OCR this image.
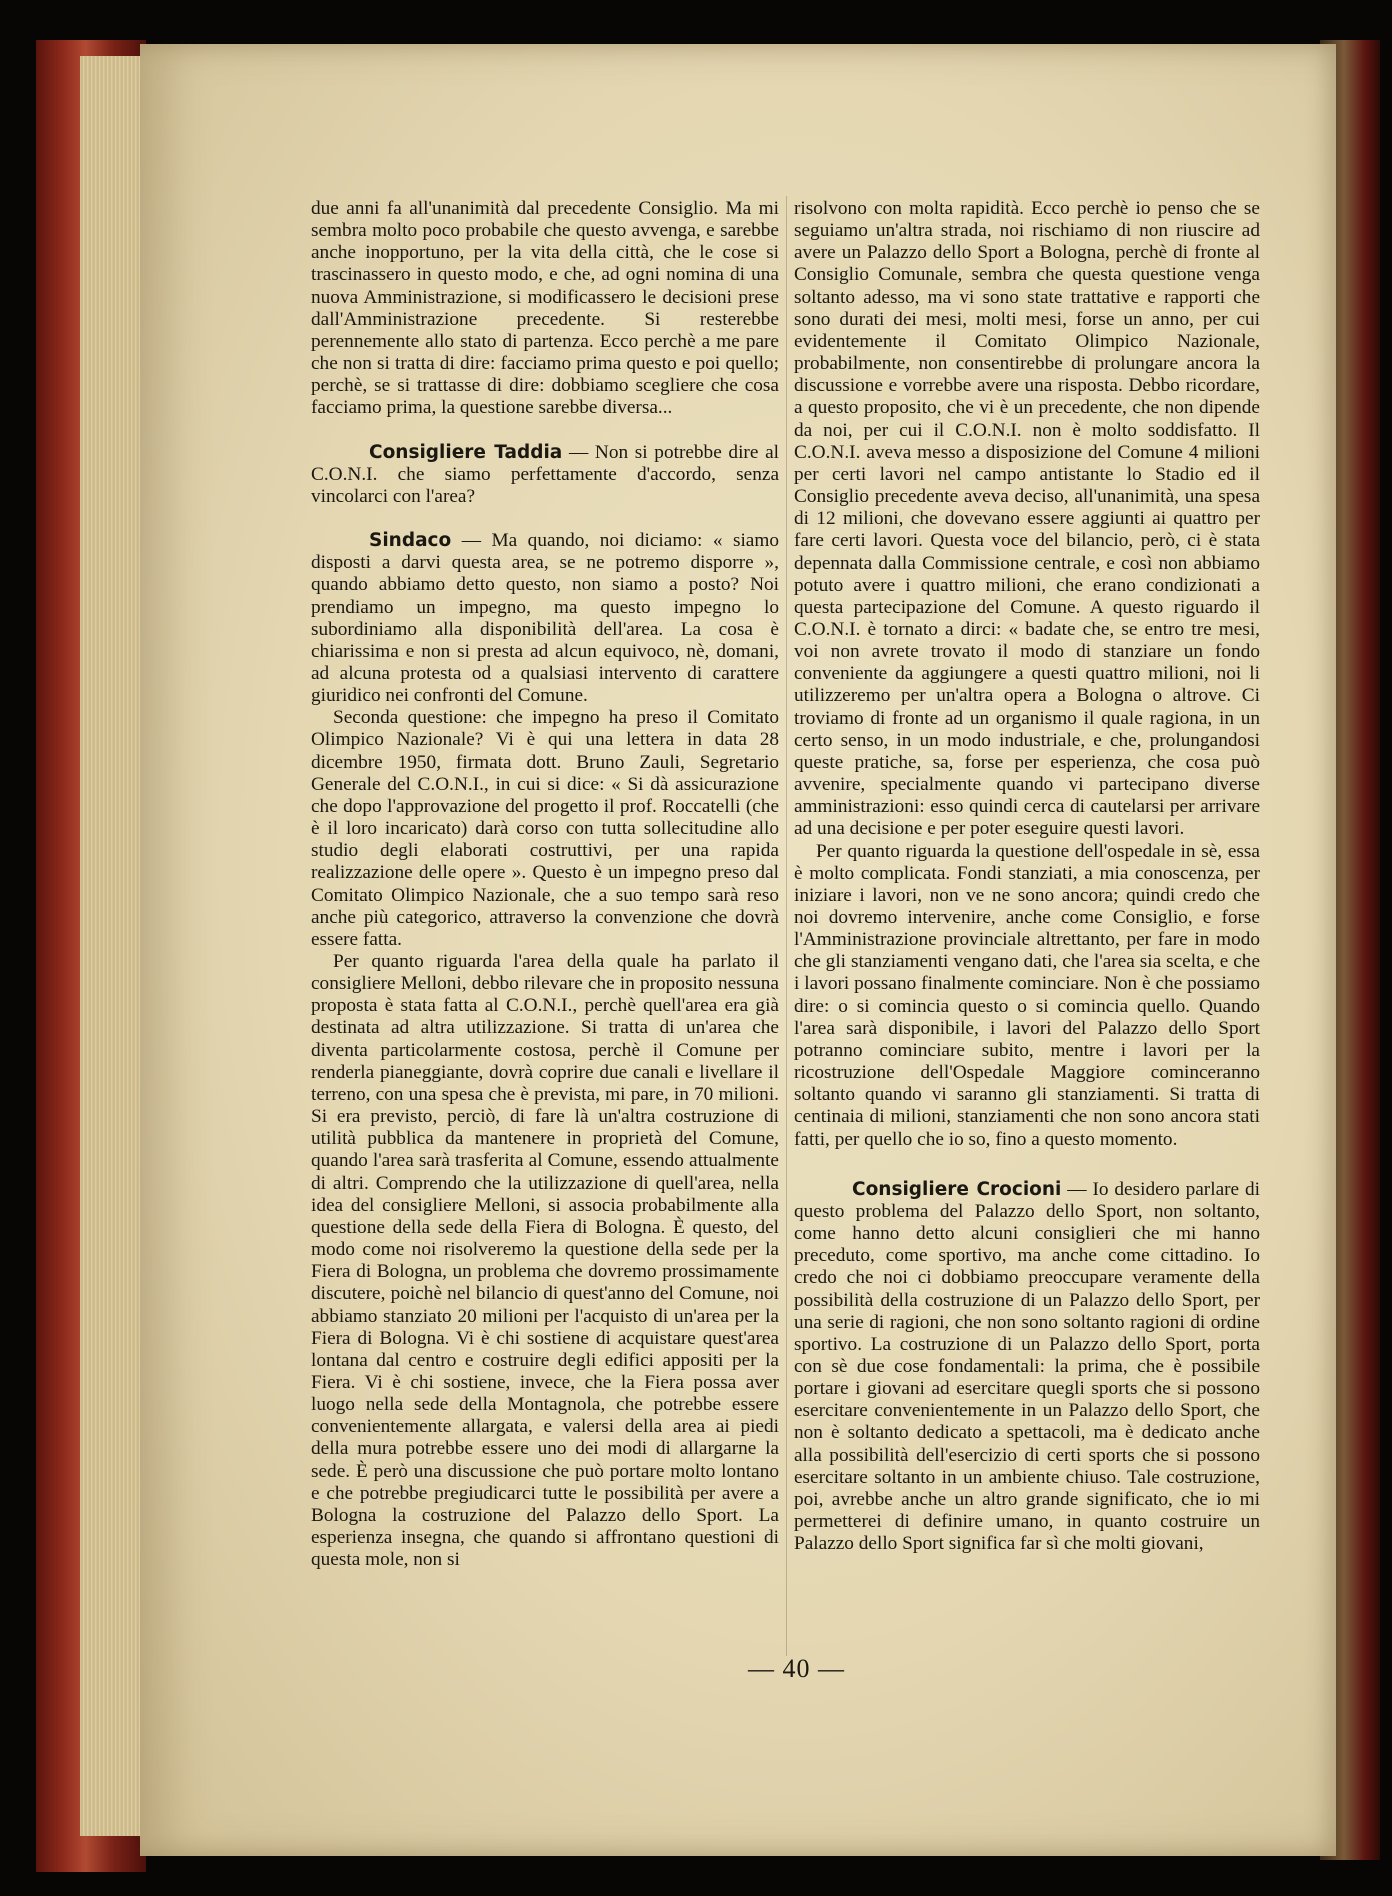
due anni fa all'unanimità dal precedente Consiglio. Ma mi sembra molto poco probabile che questo avvenga, e sarebbe anche inopportuno, per la vita della città, che le cose si trascinassero in questo modo, e che, ad ogni nomina di una nuova Amministrazione, si modificassero le decisioni prese dall'Amministrazione precedente. Si resterebbe perennemente allo stato di partenza. Ecco perchè a me pare che non si tratta di dire: facciamo prima questo e poi quello; perchè, se si trattasse di dire: dobbiamo scegliere che cosa facciamo prima, la questione sarebbe diversa...

Consigliere Taddia — Non si potrebbe dire al C.O.N.I. che siamo perfettamente d'accordo, senza vincolarci con l'area?

Sindaco — Ma quando, noi diciamo: « siamo disposti a darvi questa area, se ne potremo disporre », quando abbiamo detto questo, non siamo a posto? Noi prendiamo un impegno, ma questo impegno lo subordiniamo alla disponibilità dell'area. La cosa è chiarissima e non si presta ad alcun equivoco, nè, domani, ad alcuna protesta od a qualsiasi intervento di carattere giuridico nei confronti del Comune.

Seconda questione: che impegno ha preso il Comitato Olimpico Nazionale? Vi è qui una lettera in data 28 dicembre 1950, firmata dott. Bruno Zauli, Segretario Generale del C.O.N.I., in cui si dice: « Si dà assicurazione che dopo l'approvazione del progetto il prof. Roccatelli (che è il loro incaricato) darà corso con tutta sollecitudine allo studio degli elaborati costruttivi, per una rapida realizzazione delle opere ». Questo è un impegno preso dal Comitato Olimpico Nazionale, che a suo tempo sarà reso anche più categorico, attraverso la convenzione che dovrà essere fatta.

Per quanto riguarda l'area della quale ha parlato il consigliere Melloni, debbo rilevare che in proposito nessuna proposta è stata fatta al C.O.N.I., perchè quell'area era già destinata ad altra utilizzazione. Si tratta di un'area che diventa particolarmente costosa, perchè il Comune per renderla pianeggiante, dovrà coprire due canali e livellare il terreno, con una spesa che è prevista, mi pare, in 70 milioni. Si era previsto, perciò, di fare là un'altra costruzione di utilità pubblica da mantenere in proprietà del Comune, quando l'area sarà trasferita al Comune, essendo attualmente di altri. Comprendo che la utilizzazione di quell'area, nella idea del consigliere Melloni, si associa probabilmente alla questione della sede della Fiera di Bologna. È questo, del modo come noi risolveremo la questione della sede per la Fiera di Bologna, un problema che dovremo prossimamente discutere, poichè nel bilancio di quest'anno del Comune, noi abbiamo stanziato 20 milioni per l'acquisto di un'area per la Fiera di Bologna. Vi è chi sostiene di acquistare quest'area lontana dal centro e costruire degli edifici appositi per la Fiera. Vi è chi sostiene, invece, che la Fiera possa aver luogo nella sede della Montagnola, che potrebbe essere convenientemente allargata, e valersi della area ai piedi della mura potrebbe essere uno dei modi di allargarne la sede. È però una discussione che può portare molto lontano e che potrebbe pregiudicarci tutte le possibilità per avere a Bologna la costruzione del Palazzo dello Sport. La esperienza insegna, che quando si affrontano questioni di questa mole, non si

risolvono con molta rapidità. Ecco perchè io penso che se seguiamo un'altra strada, noi rischiamo di non riuscire ad avere un Palazzo dello Sport a Bologna, perchè di fronte al Consiglio Comunale, sembra che questa questione venga soltanto adesso, ma vi sono state trattative e rapporti che sono durati dei mesi, molti mesi, forse un anno, per cui evidentemente il Comitato Olimpico Nazionale, probabilmente, non consentirebbe di prolungare ancora la discussione e vorrebbe avere una risposta. Debbo ricordare, a questo proposito, che vi è un precedente, che non dipende da noi, per cui il C.O.N.I. non è molto soddisfatto. Il C.O.N.I. aveva messo a disposizione del Comune 4 milioni per certi lavori nel campo antistante lo Stadio ed il Consiglio precedente aveva deciso, all'unanimità, una spesa di 12 milioni, che dovevano essere aggiunti ai quattro per fare certi lavori. Questa voce del bilancio, però, ci è stata depennata dalla Commissione centrale, e così non abbiamo potuto avere i quattro milioni, che erano condizionati a questa partecipazione del Comune. A questo riguardo il C.O.N.I. è tornato a dirci: « badate che, se entro tre mesi, voi non avrete trovato il modo di stanziare un fondo conveniente da aggiungere a questi quattro milioni, noi li utilizzeremo per un'altra opera a Bologna o altrove. Ci troviamo di fronte ad un organismo il quale ragiona, in un certo senso, in un modo industriale, e che, prolungandosi queste pratiche, sa, forse per esperienza, che cosa può avvenire, specialmente quando vi partecipano diverse amministrazioni: esso quindi cerca di cautelarsi per arrivare ad una decisione e per poter eseguire questi lavori.

Per quanto riguarda la questione dell'ospedale in sè, essa è molto complicata. Fondi stanziati, a mia conoscenza, per iniziare i lavori, non ve ne sono ancora; quindi credo che noi dovremo intervenire, anche come Consiglio, e forse l'Amministrazione provinciale altrettanto, per fare in modo che gli stanziamenti vengano dati, che l'area sia scelta, e che i lavori possano finalmente cominciare. Non è che possiamo dire: o si comincia questo o si comincia quello. Quando l'area sarà disponibile, i lavori del Palazzo dello Sport potranno cominciare subito, mentre i lavori per la ricostruzione dell'Ospedale Maggiore cominceranno soltanto quando vi saranno gli stanziamenti. Si tratta di centinaia di milioni, stanziamenti che non sono ancora stati fatti, per quello che io so, fino a questo momento.

Consigliere Crocioni — Io desidero parlare di questo problema del Palazzo dello Sport, non soltanto, come hanno detto alcuni consiglieri che mi hanno preceduto, come sportivo, ma anche come cittadino. Io credo che noi ci dobbiamo preoccupare veramente della possibilità della costruzione di un Palazzo dello Sport, per una serie di ragioni, che non sono soltanto ragioni di ordine sportivo. La costruzione di un Palazzo dello Sport, porta con sè due cose fondamentali: la prima, che è possibile portare i giovani ad esercitare quegli sports che si possono esercitare convenientemente in un Palazzo dello Sport, che non è soltanto dedicato a spettacoli, ma è dedicato anche alla possibilità dell'esercizio di certi sports che si possono esercitare soltanto in un ambiente chiuso. Tale costruzione, poi, avrebbe anche un altro grande significato, che io mi permetterei di definire umano, in quanto costruire un Palazzo dello Sport significa far sì che molti giovani,

— 40 —
